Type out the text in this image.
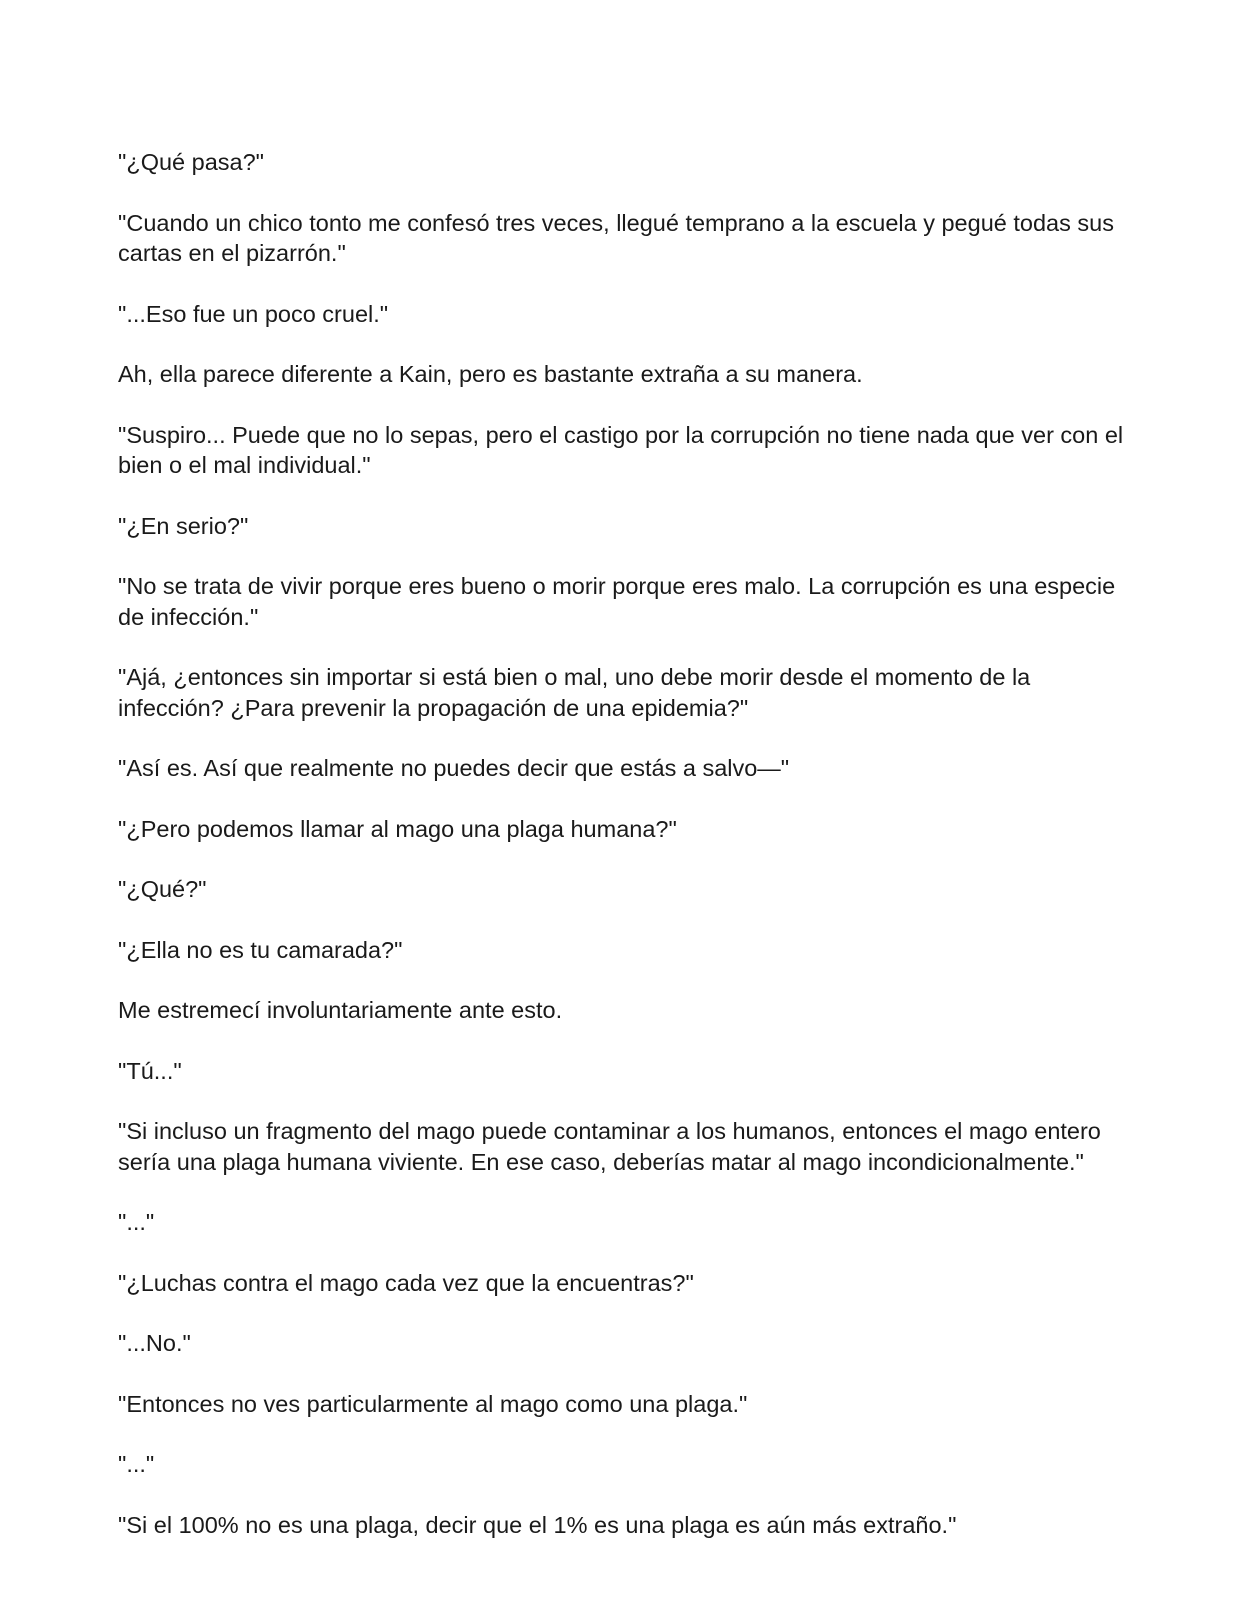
"¿Qué pasa?"

"Cuando un chico tonto me confesó tres veces, llegué temprano a la escuela y pegué todas sus cartas en el pizarrón."

"...Eso fue un poco cruel."

Ah, ella parece diferente a Kain, pero es bastante extraña a su manera.

"Suspiro... Puede que no lo sepas, pero el castigo por la corrupción no tiene nada que ver con el bien o el mal individual."

"¿En serio?"

"No se trata de vivir porque eres bueno o morir porque eres malo. La corrupción es una especie de infección."

"Ajá, ¿entonces sin importar si está bien o mal, uno debe morir desde el momento de la infección? ¿Para prevenir la propagación de una epidemia?"

"Así es. Así que realmente no puedes decir que estás a salvo—"

"¿Pero podemos llamar al mago una plaga humana?"

"¿Qué?"

"¿Ella no es tu camarada?"

Me estremecí involuntariamente ante esto.

"Tú..."

"Si incluso un fragmento del mago puede contaminar a los humanos, entonces el mago entero sería una plaga humana viviente. En ese caso, deberías matar al mago incondicionalmente."

"..."

"¿Luchas contra el mago cada vez que la encuentras?"

"...No."

"Entonces no ves particularmente al mago como una plaga."

"..."

"Si el 100% no es una plaga, decir que el 1% es una plaga es aún más extraño."
